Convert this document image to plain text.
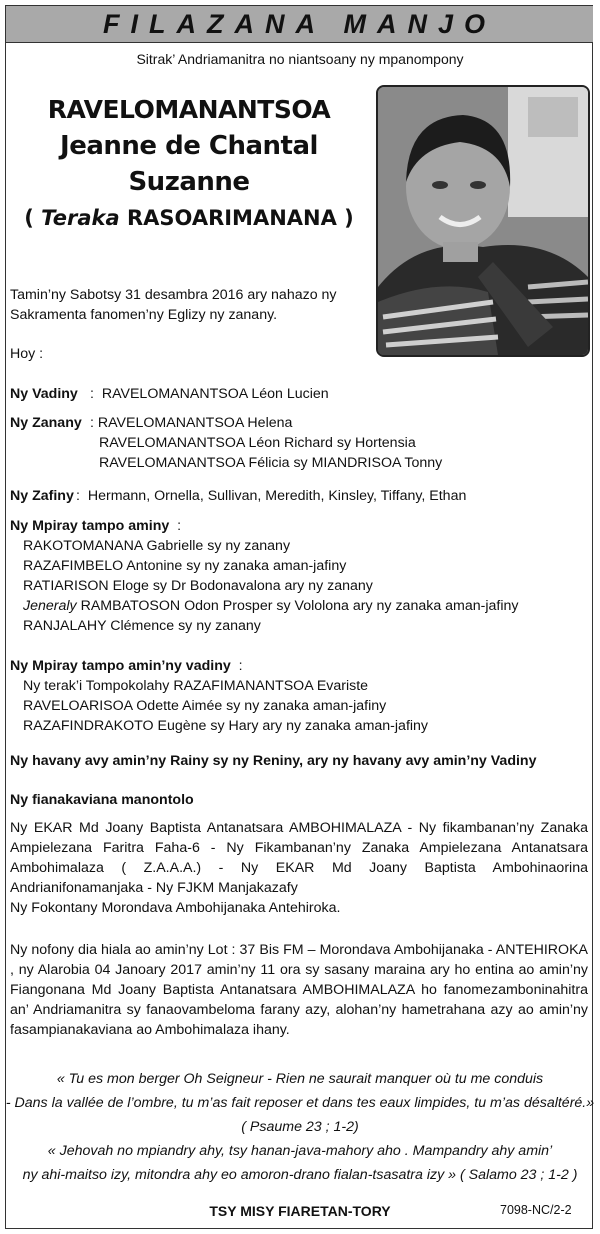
FILAZANA MANJO
Sitrak’ Andriamanitra no niantsoany ny mpanompony
RAVELOMANANTSOA
Jeanne de Chantal
Suzanne
( Teraka RASOARIMANANA )
Tamin’ny Sabotsy 31 desambra 2016 ary nahazo ny Sakramenta fanomen’ny Eglizy ny zanany.
Hoy :
Ny Vadiny : RAVELOMANANTSOA Léon Lucien
Ny Zanany : RAVELOMANANTSOA Helena
RAVELOMANANTSOA Léon Richard sy Hortensia
RAVELOMANANTSOA Félicia sy MIANDRISOA Tonny
Ny Zafiny : Hermann, Ornella, Sullivan, Meredith, Kinsley, Tiffany, Ethan
Ny Mpiray tampo aminy :
RAKOTOMANANA Gabrielle sy ny zanany
RAZAFIMBELO Antonine sy ny zanaka aman-jafiny
RATIARISON Eloge sy Dr Bodonavalona ary ny zanany
Jeneraly RAMBATOSON Odon Prosper sy Vololona ary ny zanaka aman-jafiny
RANJALAHY Clémence sy ny zanany
Ny Mpiray tampo amin’ny vadiny :
Ny terak’i Tompokolahy RAZAFIMANANTSOA Evariste
RAVELOARISOA Odette Aimée sy ny zanaka aman-jafiny
RAZAFINDRAKOTO Eugène sy Hary ary ny zanaka aman-jafiny
Ny havany avy amin’ny Rainy sy ny Reniny, ary ny havany avy amin’ny Vadiny
Ny fianakaviana manontolo
Ny EKAR Md Joany Baptista Antanatsara AMBOHIMALAZA - Ny fikambanan’ny Zanaka Ampielezana Faritra Faha-6 - Ny Fikambanan’ny Zanaka Ampielezana Antanatsara Ambohimalaza ( Z.A.A.A.) - Ny EKAR Md Joany Baptista Ambohinaorina Andrianifonamanjaka - Ny FJKM Manjakazafy
Ny Fokontany Morondava Ambohijanaka Antehiroka.
Ny nofony dia hiala ao amin’ny Lot : 37 Bis FM – Morondava Ambohijanaka - ANTEHIROKA , ny Alarobia 04 Janoary 2017 amin’ny 11 ora sy sasany maraina ary ho entina ao amin’ny Fiangonana Md Joany Baptista Antanatsara AMBOHIMALAZA ho fanomezamboninahitra an’ Andriamanitra sy fanaovambeloma farany azy, alohan’ny hametrahana azy ao amin’ny fasampianakaviana ao Ambohimalaza ihany.
« Tu es mon berger Oh Seigneur - Rien ne saurait manquer où tu me conduis
- Dans la vallée de l’ombre, tu m’as fait reposer et dans tes eaux limpides, tu m’as désaltéré.»
( Psaume 23 ; 1-2)
« Jehovah no mpiandry ahy, tsy hanan-java-mahory aho . Mampandry ahy amin’
ny ahi-maitso izy, mitondra ahy eo amoron-drano fialan-tsasatra izy » ( Salamo 23 ; 1-2 )
TSY MISY FIARETAN-TORY	7098-NC/2-2
